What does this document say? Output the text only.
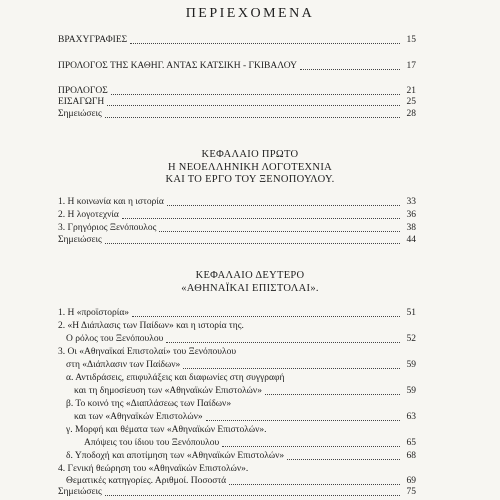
ΠΕΡΙΕΧΟΜΕΝΑ
ΒΡΑΧΥΓΡΑΦΙΕΣ	15
ΠΡΟΛΟΓΟΣ ΤΗΣ ΚΑΘΗΓ. ΑΝΤΑΣ ΚΑΤΣΙΚΗ - ΓΚΙΒΑΛΟΥ	17
ΠΡΟΛΟΓΟΣ	21
ΕΙΣΑΓΩΓΗ	25
Σημειώσεις	28
ΚΕΦΑΛΑΙΟ ΠΡΩΤΟ
Η ΝΕΟΕΛΛΗΝΙΚΗ ΛΟΓΟΤΕΧΝΙΑ
ΚΑΙ ΤΟ ΕΡΓΟ ΤΟΥ ΞΕΝΟΠΟΥΛΟΥ.
1. Η κοινωνία και η ιστορία	33
2. Η λογοτεχνία	36
3. Γρηγόριος Ξενόπουλος	38
Σημειώσεις	44
ΚΕΦΑΛΑΙΟ ΔΕΥΤΕΡΟ
«ΑΘΗΝΑΪΚΑΙ ΕΠΙΣΤΟΛΑΙ».
1. Η «προϊστορία»	51
2. «Η Διάπλασις των Παίδων» και η ιστορία της.
Ο ρόλος του Ξενόπουλου	52
3. Οι «Αθηναϊκαί Επιστολαί» του Ξενόπουλου
στη «Διάπλασιν των Παίδων»	59
α. Αντιδράσεις, επιφυλάξεις και διαφωνίες στη συγγραφή
και τη δημοσίευση των «Αθηναϊκών Επιστολών»	59
β. Το κοινό της «Διαπλάσεως των Παίδων»
και των «Αθηναϊκών Επιστολών»	63
γ. Μορφή και θέματα των «Αθηναϊκών Επιστολών».
Απόψεις του ίδιου του Ξενόπουλου	65
δ. Υποδοχή και αποτίμηση των «Αθηναϊκών Επιστολών»	68
4. Γενική θεώρηση του «Αθηναϊκών Επιστολών».
Θεματικές κατηγορίες. Αριθμοί. Ποσοστά	69
Σημειώσεις	75
